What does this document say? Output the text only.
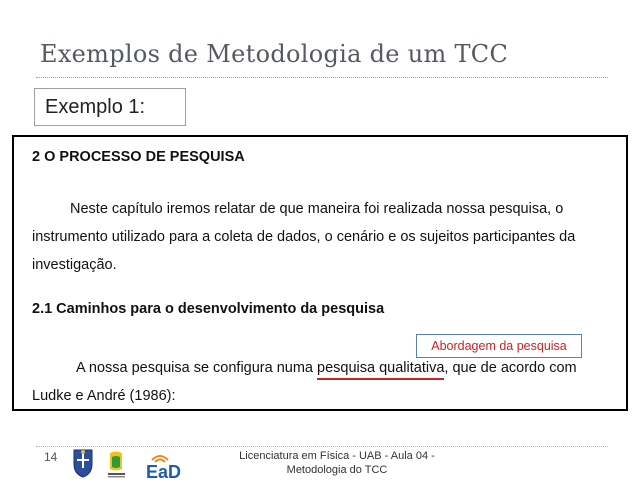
Exemplos de Metodologia de um TCC
Exemplo 1:
2 O PROCESSO DE PESQUISA
Neste capítulo iremos relatar de que maneira foi realizada nossa pesquisa, o
instrumento utilizado para a coleta de dados, o cenário e os sujeitos participantes da
investigação.
2.1 Caminhos para o desenvolvimento da pesquisa
A nossa pesquisa se configura numa pesquisa qualitativa
, que de acordo com
Ludke e André (1986):
Abordagem da pesquisa
14
EaD
Licenciatura em Física - UAB - Aula 04 -
Metodologia do TCC
